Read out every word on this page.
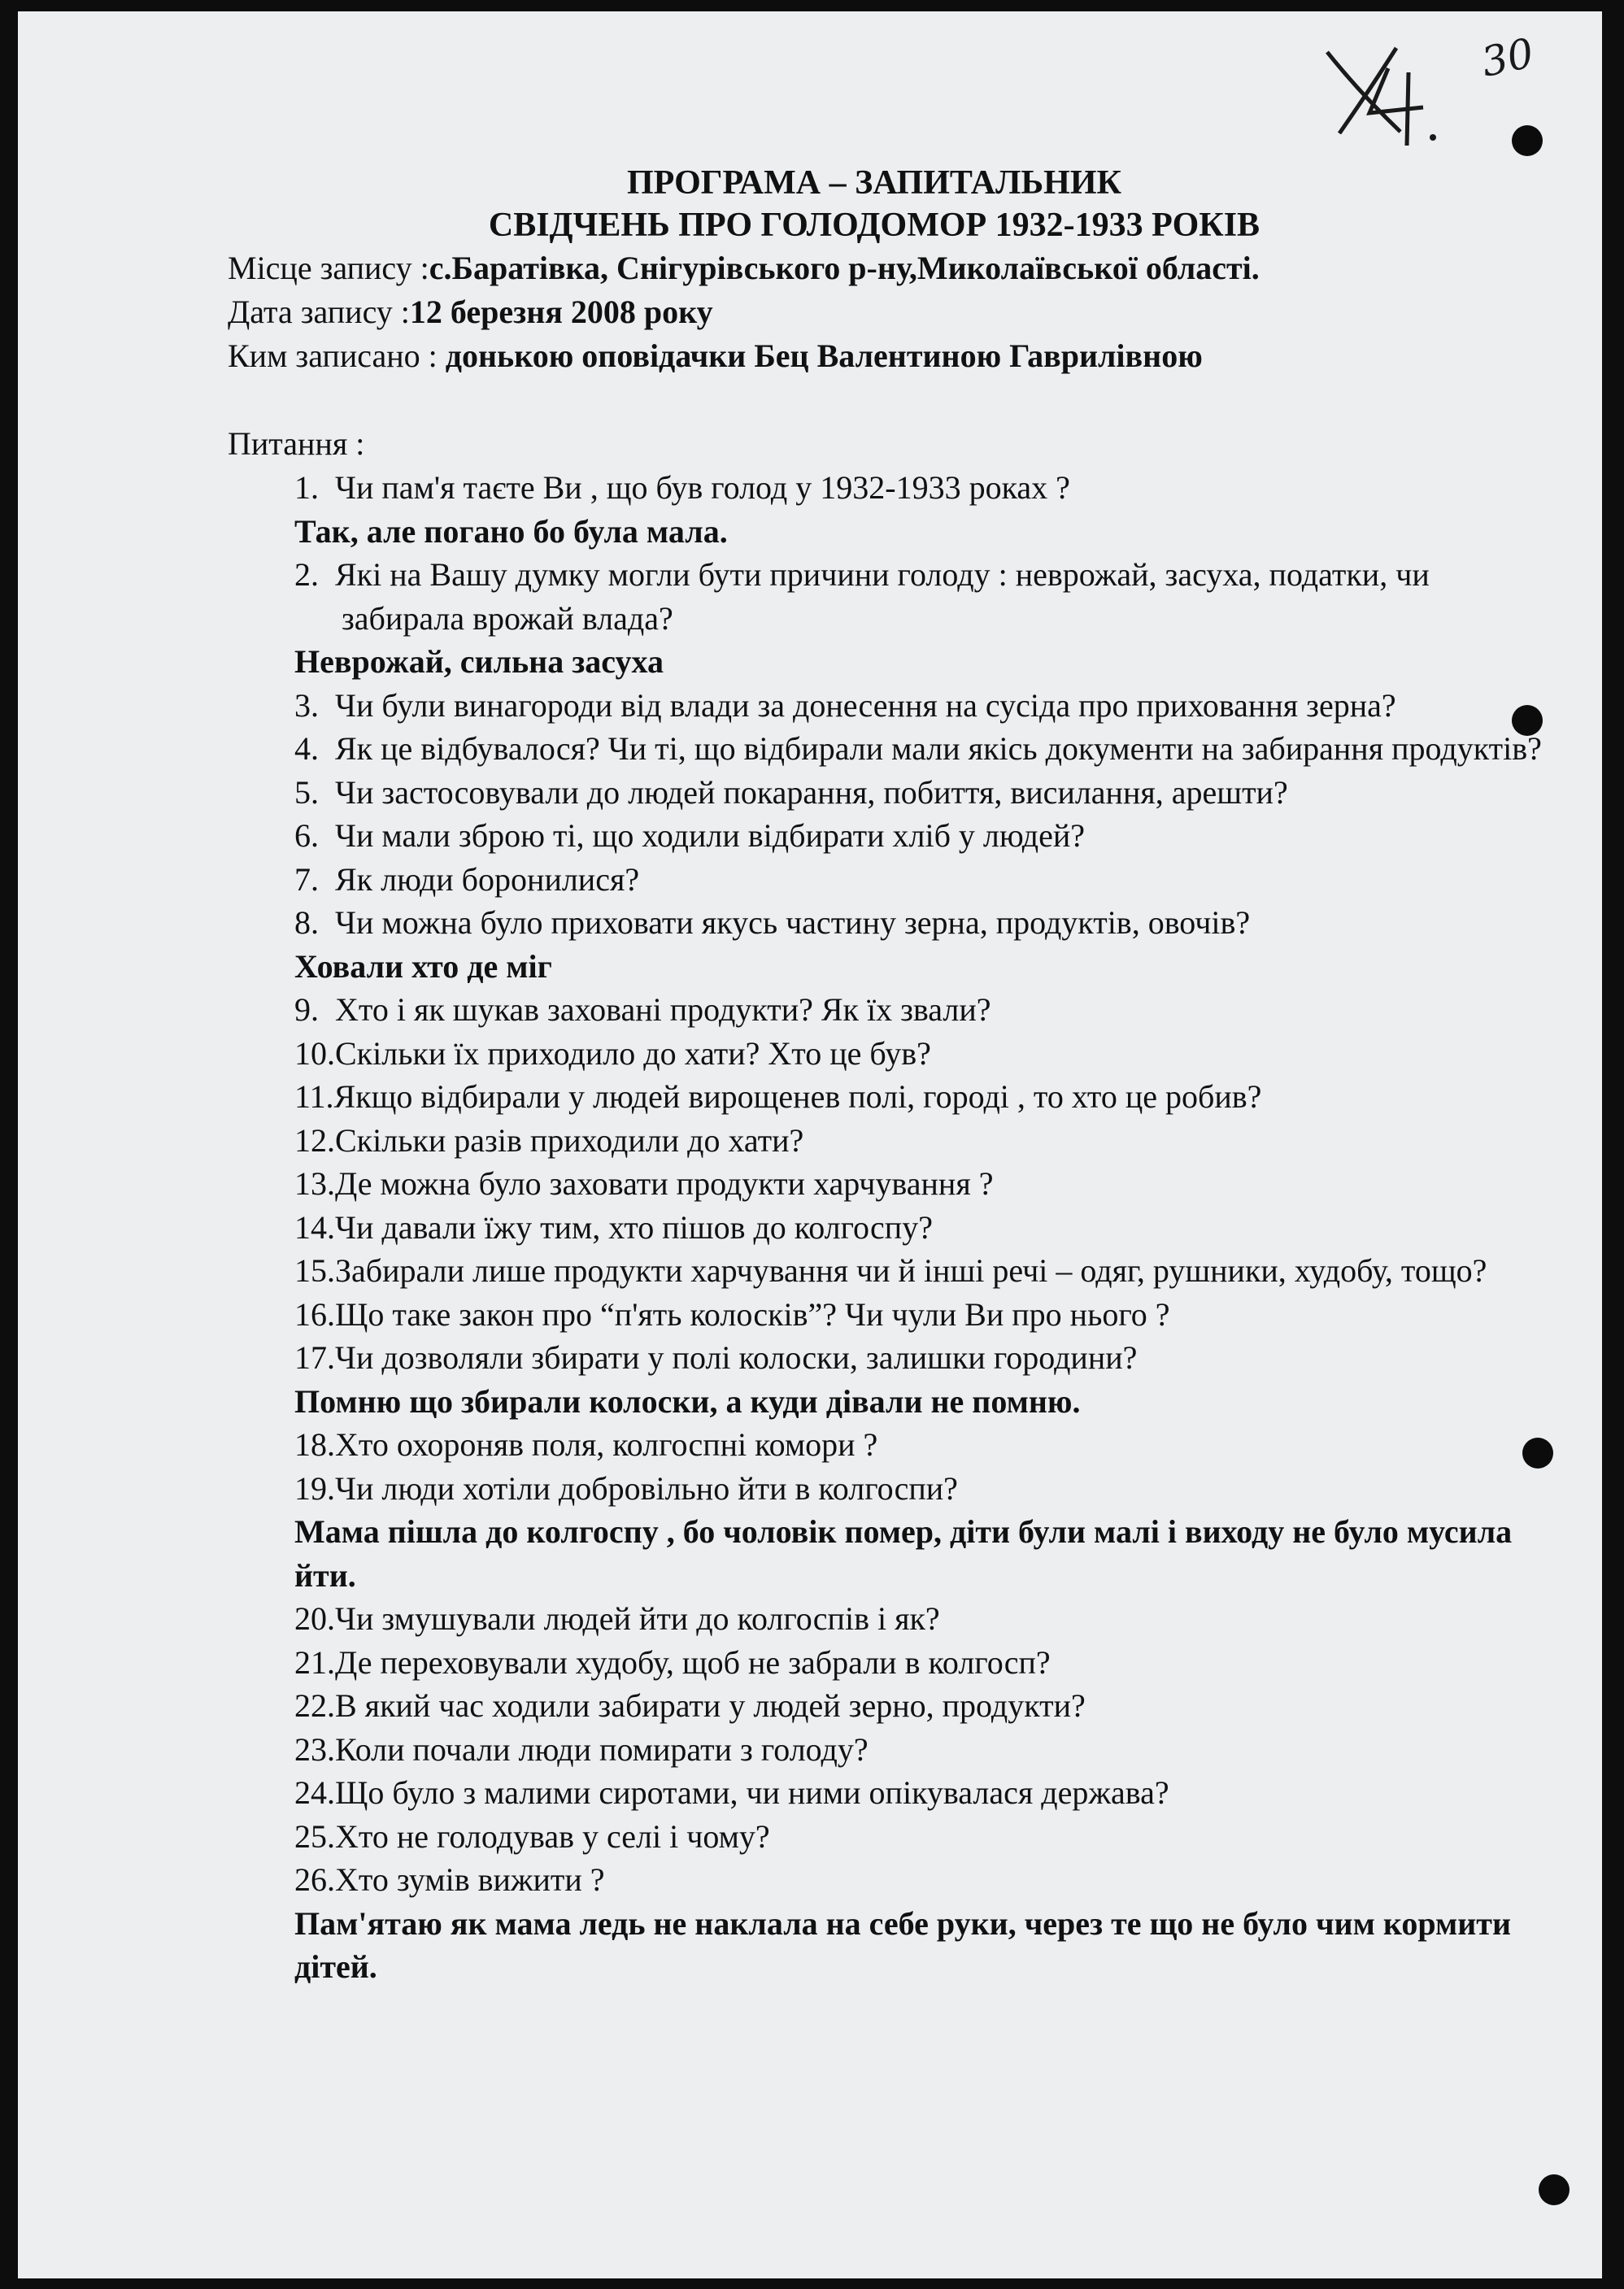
30

ПРОГРАМА – ЗАПИТАЛЬНИК

СВІДЧЕНЬ ПРО ГОЛОДОМОР 1932-1933 РОКІВ

Місце запису :с.Баратівка, Снігурівського р-ну,Миколаївської області.

Дата запису :12 березня 2008 року

Ким записано : донькою оповідачки Бец Валентиною Гаврилівною

Питання :
1. Чи пам'я таєте Ви , що був голод у 1932-1933 роках ?
Так, але погано бо була мала.
2. Які на Вашу думку могли бути причини голоду : неврожай, засуха, податки, чи забирала врожай влада?
Неврожай, сильна засуха
3. Чи були винагороди від влади за донесення на сусіда про приховання зерна?
4. Як це відбувалося? Чи ті, що відбирали мали якісь документи на забирання продуктів?
5. Чи застосовували до людей покарання, побиття, висилання, арешти?
6. Чи мали зброю ті, що ходили відбирати хліб у людей?
7. Як люди боронилися?
8. Чи можна було приховати якусь частину зерна, продуктів, овочів?
Ховали хто де міг
9. Хто і як шукав заховані продукти? Як їх звали?
10.Скільки їх приходило до хати? Хто це був?
11.Якщо відбирали у людей вирощенев полі, городі , то хто це робив?
12.Скільки разів приходили до хати?
13.Де можна було заховати продукти харчування ?
14.Чи давали їжу тим, хто пішов до колгоспу?
15.Забирали лише продукти харчування чи й інші речі – одяг, рушники, худобу, тощо?
16.Що таке закон про “п'ять колосків”? Чи чули Ви про нього ?
17.Чи дозволяли збирати у полі колоски, залишки городини?
Помню що збирали колоски, а куди дівали не помню.
18.Хто охороняв поля, колгоспні комори ?
19.Чи люди хотіли добровільно йти в колгоспи?
Мама пішла до колгоспу , бо чоловік помер, діти були малі і виходу не було мусила йти.
20.Чи змушували людей йти до колгоспів і як?
21.Де переховували худобу, щоб не забрали в колгосп?
22.В який час ходили забирати у людей зерно, продукти?
23.Коли почали люди помирати з голоду?
24.Що було з малими сиротами, чи ними опікувалася держава?
25.Хто не голодував у селі і чому?
26.Хто зумів вижити ?
Пам'ятаю як мама ледь не наклала на себе руки, через те що не було чим кормити дітей.
